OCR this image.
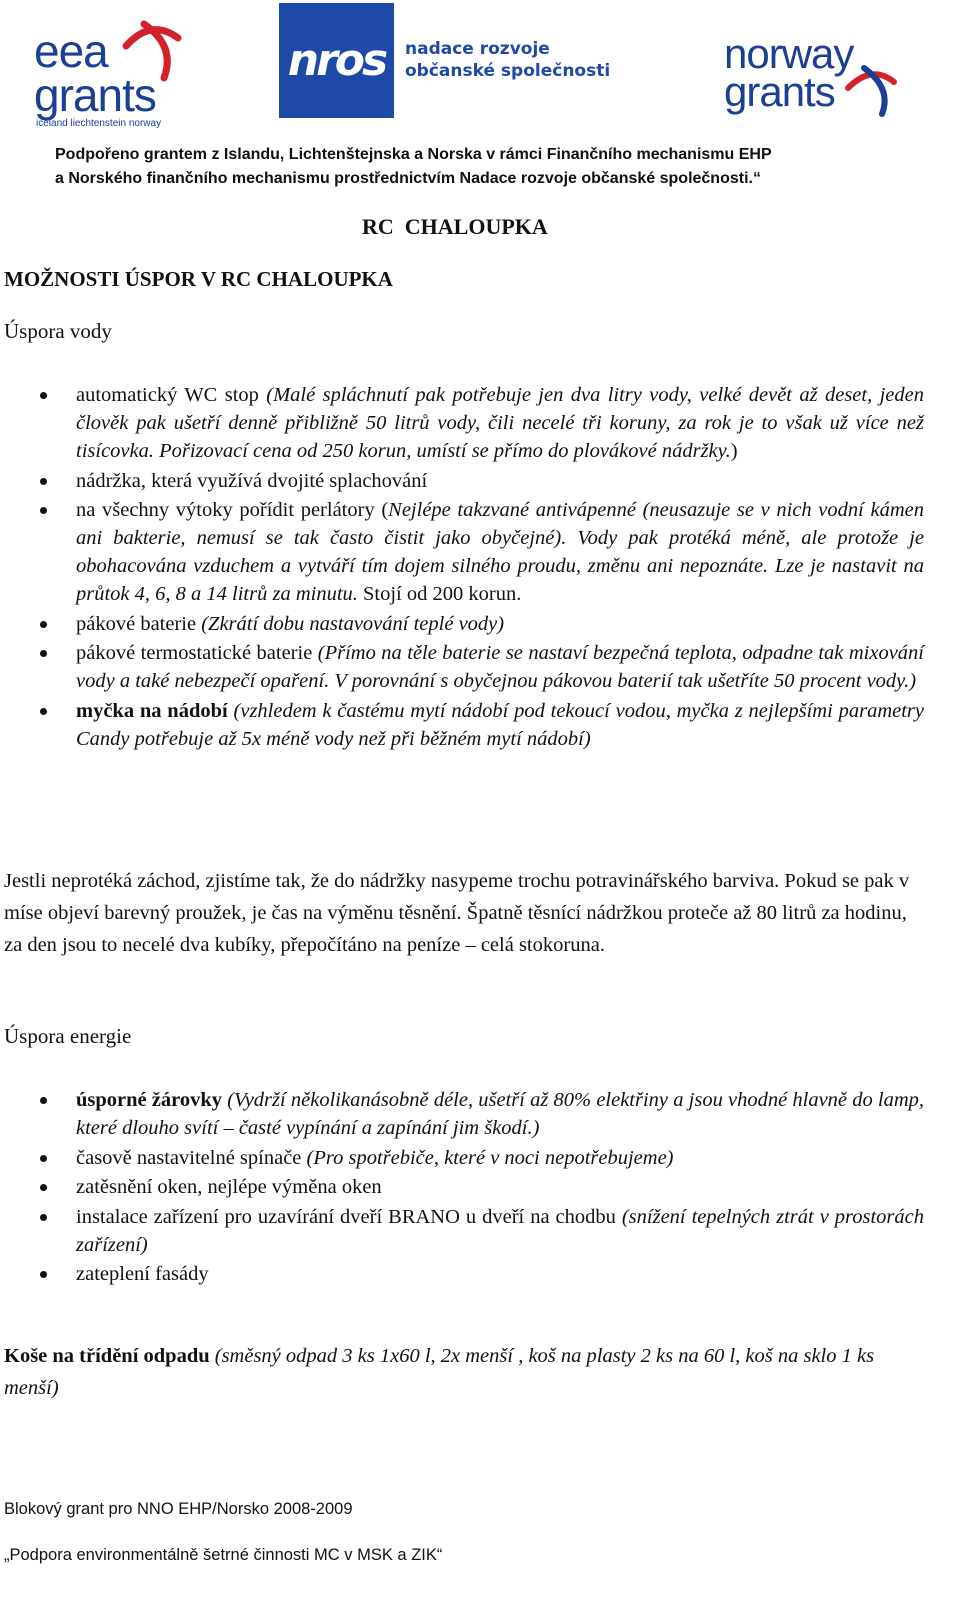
eea
grants
iceland liechtenstein norway
nros	nadace rozvoje
občanské společnosti	norway
grants
Podpořeno grantem z Islandu, Lichtenštejnska a Norska v rámci Finančního mechanismu EHP
a Norského finančního mechanismu prostřednictvím Nadace rozvoje občanské společnosti.“
RC  CHALOUPKA
MOŽNOSTI ÚSPOR V RC CHALOUPKA
Úspora vody
automatický WC stop (Malé spláchnutí pak potřebuje jen dva litry vody, velké devět až deset, jeden člověk pak ušetří denně přibližně 50 litrů vody, čili necelé tři koruny, za rok je to však už více než tisícovka. Pořizovací cena od 250 korun, umístí se přímo do plovákové nádržky.)
nádržka, která využívá dvojité splachování
na všechny výtoky pořídit perlátory (Nejlépe takzvané antivápenné (neusazuje se v nich vodní kámen ani bakterie, nemusí se tak často čistit jako obyčejné). Vody pak protéká méně, ale protože je obohacována vzduchem a vytváří tím dojem silného proudu, změnu ani nepoznáte. Lze je nastavit na průtok 4, 6, 8 a 14 litrů za minutu. Stojí od 200 korun.
pákové baterie (Zkrátí dobu nastavování teplé vody)
pákové termostatické baterie (Přímo na těle baterie se nastaví bezpečná teplota, odpadne tak mixování vody a také nebezpečí opaření. V porovnání s obyčejnou pákovou baterií tak ušetříte 50 procent vody.)
myčka na nádobí (vzhledem k častému mytí nádobí pod tekoucí vodou, myčka z nejlepšími parametry Candy potřebuje až 5x méně vody než při běžném mytí nádobí)
Jestli neprotéká záchod, zjistíme tak, že do nádržky nasypeme trochu potravinářského barviva. Pokud se pak v míse objeví barevný proužek, je čas na výměnu těsnění. Špatně těsnící nádržkou proteče až 80 litrů za hodinu, za den jsou to necelé dva kubíky, přepočítáno na peníze – celá stokoruna.
Úspora energie
úsporné žárovky (Vydrží několikanásobně déle, ušetří až 80% elektřiny a jsou vhodné hlavně do lamp, které dlouho svítí – časté vypínání a zapínání jim škodí.)
časově nastavitelné spínače (Pro spotřebiče, které v noci nepotřebujeme)
zatěsnění oken, nejlépe výměna oken
instalace zařízení pro uzavírání dveří BRANO u dveří na chodbu (snížení tepelných ztrát v prostorách zařízení)
zateplení fasády
Koše na třídění odpadu (směsný odpad 3 ks 1x60 l, 2x menší , koš na plasty 2 ks na 60 l, koš na sklo 1 ks menší)
Blokový grant pro NNO EHP/Norsko 2008-2009
„Podpora environmentálně šetrné činnosti MC v MSK a ZIK“
